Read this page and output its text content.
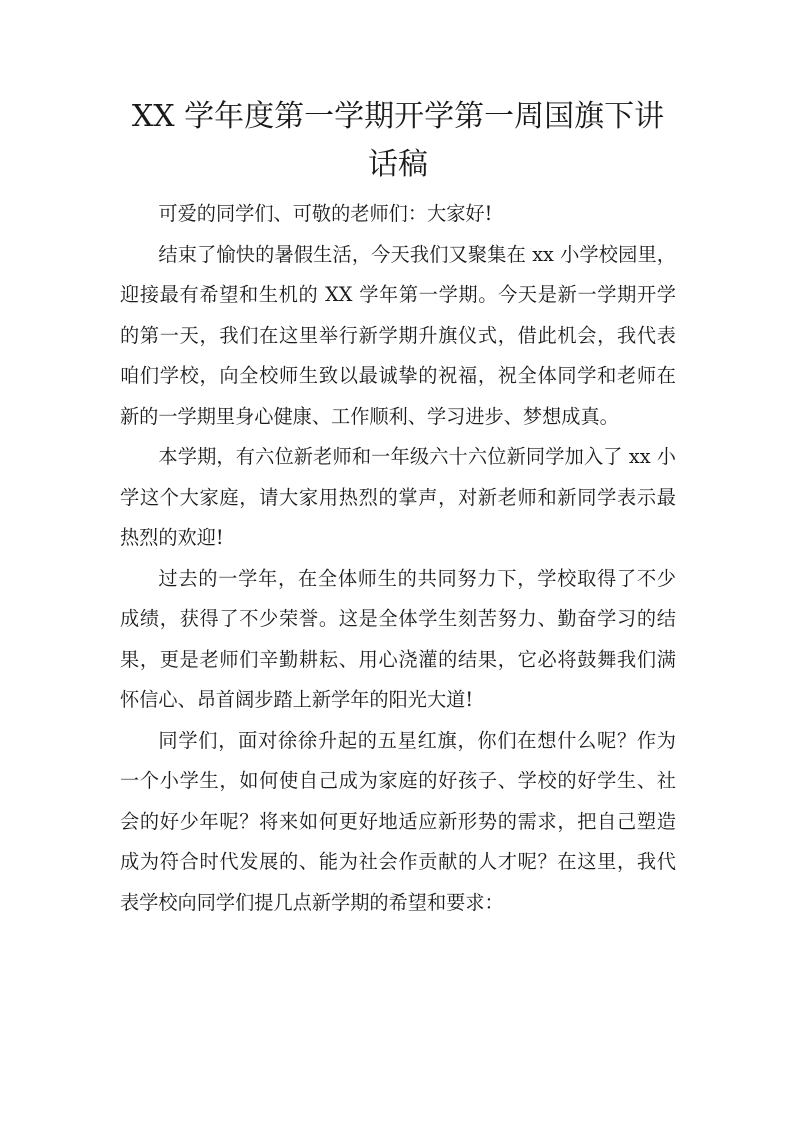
XX 学年度第一学期开学第一周国旗下讲话稿

可爱的同学们、可敬的老师们：大家好!

结束了愉快的暑假生活，今天我们又聚集在 xx 小学校园里，迎接最有希望和生机的 XX 学年第一学期。今天是新一学期开学的第一天，我们在这里举行新学期升旗仪式，借此机会，我代表咱们学校，向全校师生致以最诚挚的祝福，祝全体同学和老师在新的一学期里身心健康、工作顺利、学习进步、梦想成真。

本学期，有六位新老师和一年级六十六位新同学加入了 xx 小学这个大家庭，请大家用热烈的掌声，对新老师和新同学表示最热烈的欢迎!

过去的一学年，在全体师生的共同努力下，学校取得了不少成绩，获得了不少荣誉。这是全体学生刻苦努力、勤奋学习的结果，更是老师们辛勤耕耘、用心浇灌的结果，它必将鼓舞我们满怀信心、昂首阔步踏上新学年的阳光大道!

同学们，面对徐徐升起的五星红旗，你们在想什么呢？作为一个小学生，如何使自己成为家庭的好孩子、学校的好学生、社会的好少年呢？将来如何更好地适应新形势的需求，把自己塑造成为符合时代发展的、能为社会作贡献的人才呢？在这里，我代表学校向同学们提几点新学期的希望和要求：
